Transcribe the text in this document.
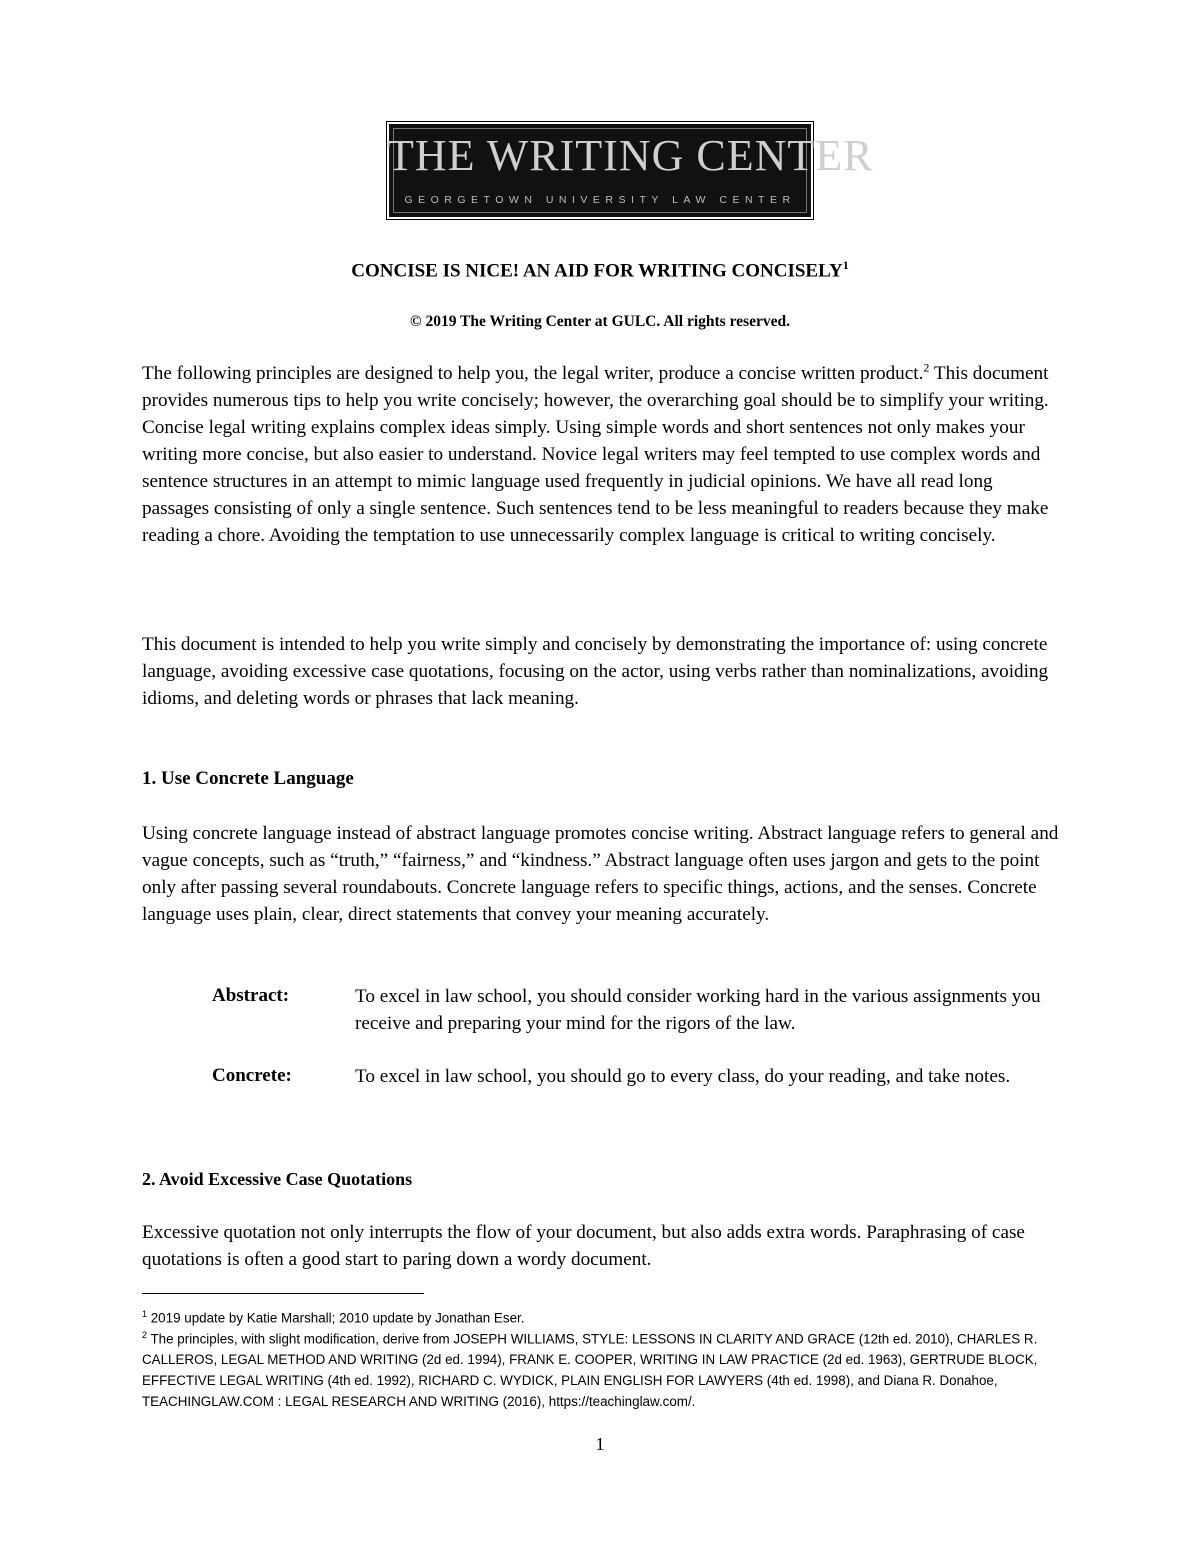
THE WRITING CENTER
GEORGETOWN UNIVERSITY LAW CENTER
CONCISE IS NICE! AN AID FOR WRITING CONCISELY$^1$
© 2019 The Writing Center at GULC. All rights reserved.

The following principles are designed to help you, the legal writer, produce a concise written product.$^2$ This document provides numerous tips to help you write concisely; however, the overarching goal should be to simplify your writing. Concise legal writing explains complex ideas simply. Using simple words and short sentences not only makes your writing more concise, but also easier to understand. Novice legal writers may feel tempted to use complex words and sentence structures in an attempt to mimic language used frequently in judicial opinions. We have all read long passages consisting of only a single sentence. Such sentences tend to be less meaningful to readers because they make reading a chore. Avoiding the temptation to use unnecessarily complex language is critical to writing concisely.

This document is intended to help you write simply and concisely by demonstrating the importance of: using concrete language, avoiding excessive case quotations, focusing on the actor, using verbs rather than nominalizations, avoiding idioms, and deleting words or phrases that lack meaning.

1. Use Concrete Language

Using concrete language instead of abstract language promotes concise writing. Abstract language refers to general and vague concepts, such as “truth,” “fairness,” and “kindness.” Abstract language often uses jargon and gets to the point only after passing several roundabouts. Concrete language refers to specific things, actions, and the senses. Concrete language uses plain, clear, direct statements that convey your meaning accurately.

Abstract:	To excel in law school, you should consider working hard in the various assignments you receive and preparing your mind for the rigors of the law.
Concrete:	To excel in law school, you should go to every class, do your reading, and take notes.
2. Avoid Excessive Case Quotations

Excessive quotation not only interrupts the flow of your document, but also adds extra words. Paraphrasing of case quotations is often a good start to paring down a wordy document.

$^1$ 2019 update by Katie Marshall; 2010 update by Jonathan Eser.
$^2$ The principles, with slight modification, derive from JOSEPH WILLIAMS, STYLE: LESSONS IN CLARITY AND GRACE (12th ed. 2010), CHARLES R. CALLEROS, LEGAL METHOD AND WRITING (2d ed. 1994), FRANK E. COOPER, WRITING IN LAW PRACTICE (2d ed. 1963), GERTRUDE BLOCK, EFFECTIVE LEGAL WRITING (4th ed. 1992), RICHARD C. WYDICK, PLAIN ENGLISH FOR LAWYERS (4th ed. 1998), and Diana R. Donahoe, TEACHINGLAW.COM : LEGAL RESEARCH AND WRITING (2016), https://teachinglaw.com/.
1
